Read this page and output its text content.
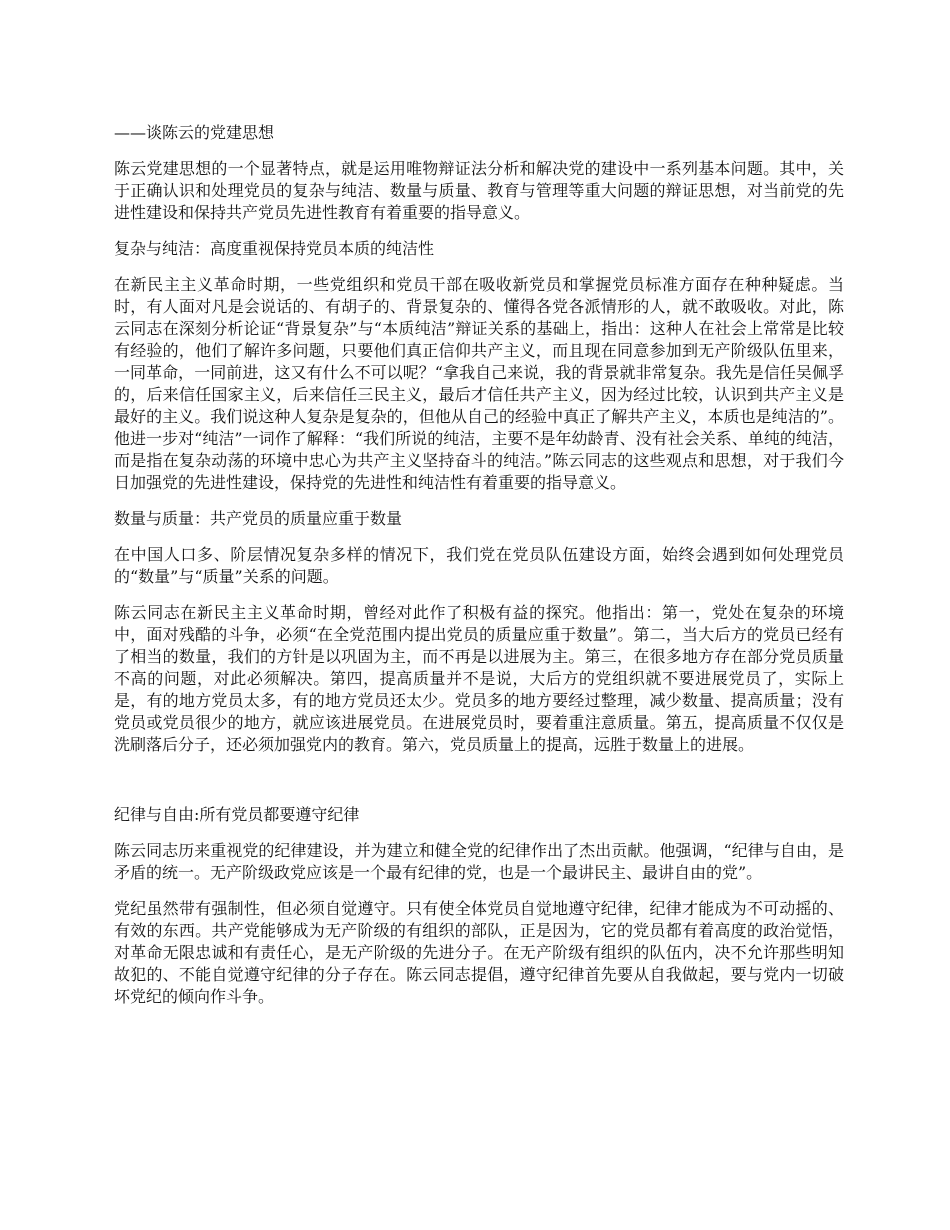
——谈陈云的党建思想

陈云党建思想的一个显著特点，就是运用唯物辩证法分析和解决党的建设中一系列基本问题。其中，关于正确认识和处理党员的复杂与纯洁、数量与质量、教育与管理等重大问题的辩证思想，对当前党的先进性建设和保持共产党员先进性教育有着重要的指导意义。

复杂与纯洁：高度重视保持党员本质的纯洁性

在新民主主义革命时期，一些党组织和党员干部在吸收新党员和掌握党员标准方面存在种种疑虑。当时，有人面对凡是会说话的、有胡子的、背景复杂的、懂得各党各派情形的人，就不敢吸收。对此，陈云同志在深刻分析论证“背景复杂”与“本质纯洁”辩证关系的基础上，指出：这种人在社会上常常是比较有经验的，他们了解许多问题，只要他们真正信仰共产主义，而且现在同意参加到无产阶级队伍里来，一同革命，一同前进，这又有什么不可以呢？“拿我自己来说，我的背景就非常复杂。我先是信任吴佩孚的，后来信任国家主义，后来信任三民主义，最后才信任共产主义，因为经过比较，认识到共产主义是最好的主义。我们说这种人复杂是复杂的，但他从自己的经验中真正了解共产主义，本质也是纯洁的”。他进一步对“纯洁”一词作了解释：“我们所说的纯洁，主要不是年幼龄青、没有社会关系、单纯的纯洁，而是指在复杂动荡的环境中忠心为共产主义坚持奋斗的纯洁。”陈云同志的这些观点和思想，对于我们今日加强党的先进性建设，保持党的先进性和纯洁性有着重要的指导意义。

数量与质量：共产党员的质量应重于数量

在中国人口多、阶层情况复杂多样的情况下，我们党在党员队伍建设方面，始终会遇到如何处理党员的“数量”与“质量”关系的问题。

陈云同志在新民主主义革命时期，曾经对此作了积极有益的探究。他指出：第一，党处在复杂的环境中，面对残酷的斗争，必须“在全党范围内提出党员的质量应重于数量”。第二，当大后方的党员已经有了相当的数量，我们的方针是以巩固为主，而不再是以进展为主。第三，在很多地方存在部分党员质量不高的问题，对此必须解决。第四，提高质量并不是说，大后方的党组织就不要进展党员了，实际上是，有的地方党员太多，有的地方党员还太少。党员多的地方要经过整理，减少数量、提高质量；没有党员或党员很少的地方，就应该进展党员。在进展党员时，要着重注意质量。第五，提高质量不仅仅是洗刷落后分子，还必须加强党内的教育。第六，党员质量上的提高，远胜于数量上的进展。

纪律与自由:所有党员都要遵守纪律

陈云同志历来重视党的纪律建设，并为建立和健全党的纪律作出了杰出贡献。他强调，“纪律与自由，是矛盾的统一。无产阶级政党应该是一个最有纪律的党，也是一个最讲民主、最讲自由的党”。

党纪虽然带有强制性，但必须自觉遵守。只有使全体党员自觉地遵守纪律，纪律才能成为不可动摇的、有效的东西。共产党能够成为无产阶级的有组织的部队，正是因为，它的党员都有着高度的政治觉悟，对革命无限忠诚和有责任心，是无产阶级的先进分子。在无产阶级有组织的队伍内，决不允许那些明知故犯的、不能自觉遵守纪律的分子存在。陈云同志提倡，遵守纪律首先要从自我做起，要与党内一切破坏党纪的倾向作斗争。
